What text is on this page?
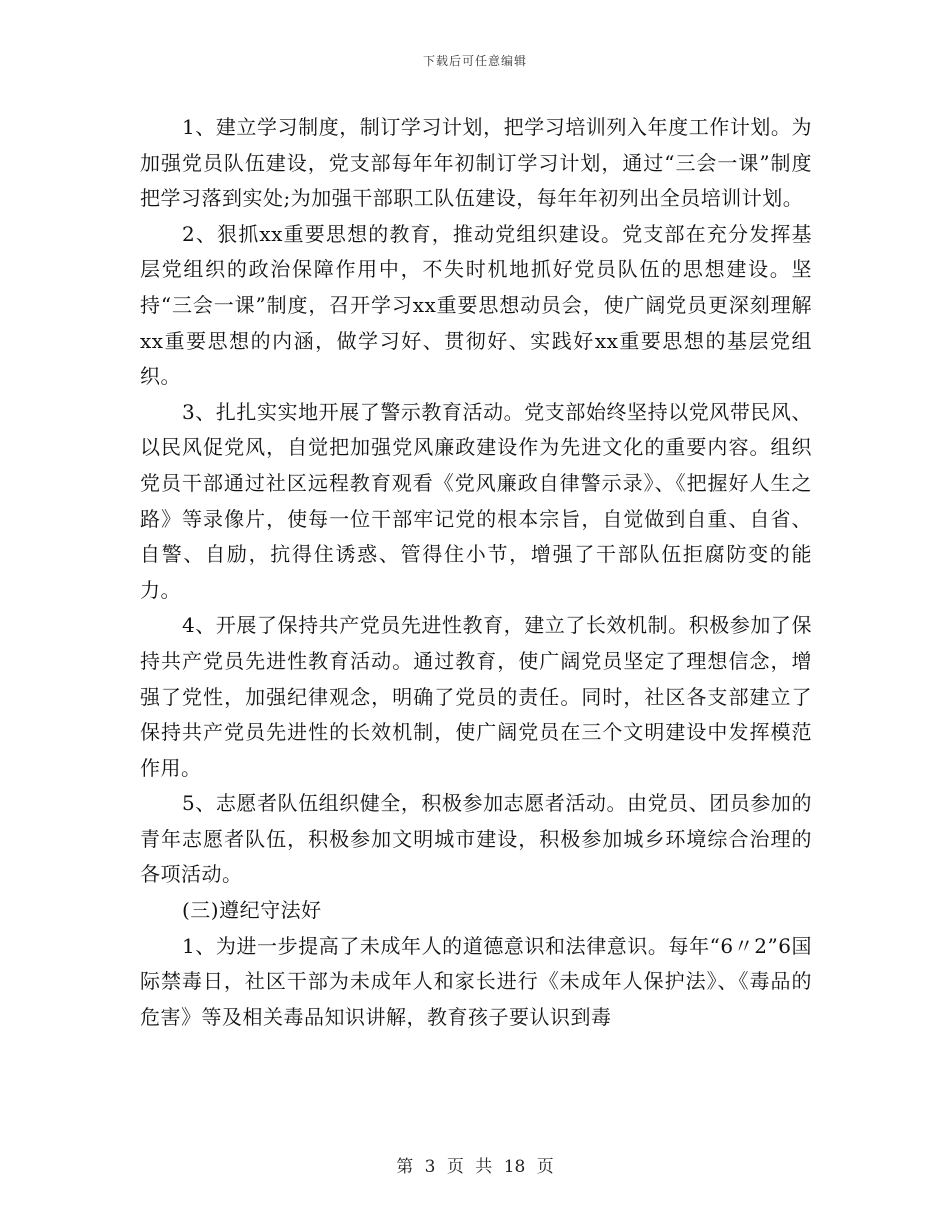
下载后可任意编辑

1、建立学习制度，制订学习计划，把学习培训列入年度工作计划。为加强党员队伍建设，党支部每年年初制订学习计划，通过“三会一课”制度把学习落到实处;为加强干部职工队伍建设，每年年初列出全员培训计划。

2、狠抓xx重要思想的教育，推动党组织建设。党支部在充分发挥基层党组织的政治保障作用中，不失时机地抓好党员队伍的思想建设。坚持“三会一课”制度，召开学习xx重要思想动员会，使广阔党员更深刻理解xx重要思想的内涵，做学习好、贯彻好、实践好xx重要思想的基层党组织。

3、扎扎实实地开展了警示教育活动。党支部始终坚持以党风带民风、以民风促党风，自觉把加强党风廉政建设作为先进文化的重要内容。组织党员干部通过社区远程教育观看《党风廉政自律警示录》、《把握好人生之路》等录像片，使每一位干部牢记党的根本宗旨，自觉做到自重、自省、自警、自励，抗得住诱惑、管得住小节，增强了干部队伍拒腐防变的能力。

4、开展了保持共产党员先进性教育，建立了长效机制。积极参加了保持共产党员先进性教育活动。通过教育，使广阔党员坚定了理想信念，增强了党性，加强纪律观念，明确了党员的责任。同时，社区各支部建立了保持共产党员先进性的长效机制，使广阔党员在三个文明建设中发挥模范作用。

5、志愿者队伍组织健全，积极参加志愿者活动。由党员、团员参加的青年志愿者队伍，积极参加文明城市建设，积极参加城乡环境综合治理的各项活动。

(三)遵纪守法好

1、为进一步提高了未成年人的道德意识和法律意识。每年“6〃2”6国际禁毒日，社区干部为未成年人和家长进行《未成年人保护法》、《毒品的危害》等及相关毒品知识讲解，教育孩子要认识到毒

第 3 页 共 18 页
